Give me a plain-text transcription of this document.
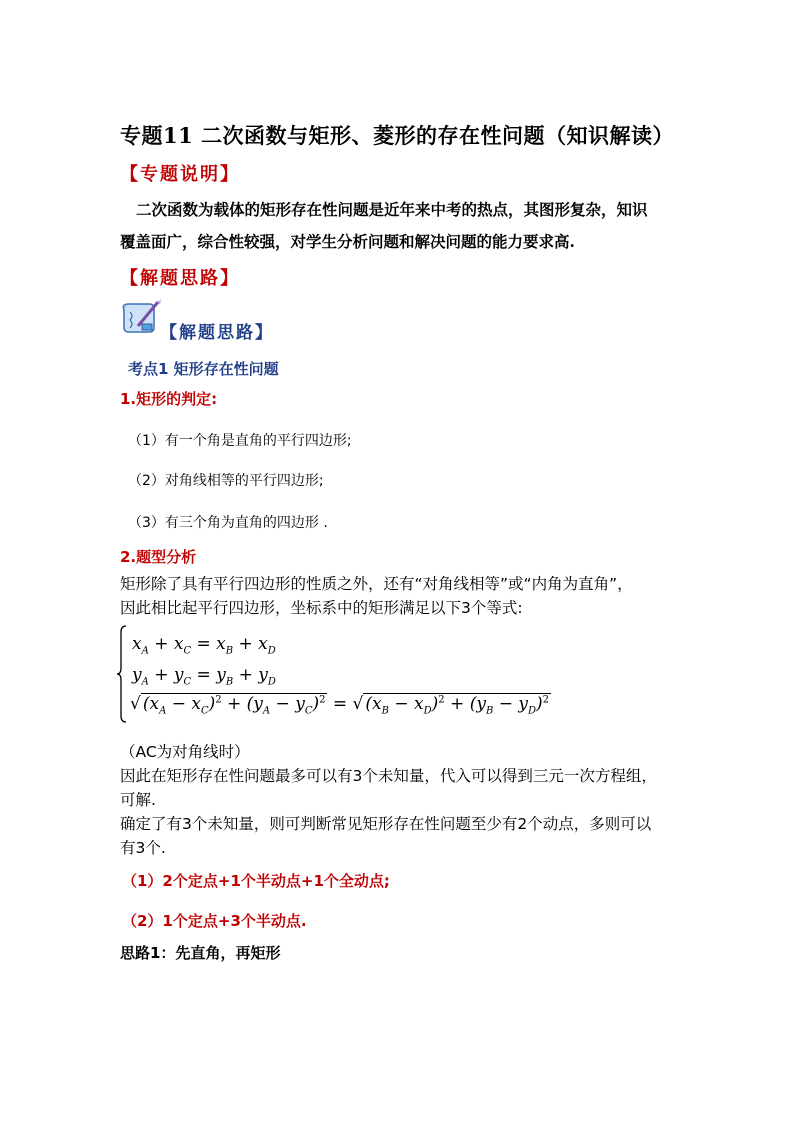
专题11 二次函数与矩形、菱形的存在性问题（知识解读）
【专题说明】
二次函数为载体的矩形存在性问题是近年来中考的热点，其图形复杂，知识
覆盖面广，综合性较强，对学生分析问题和解决问题的能力要求高.
【解题思路】
【解题思路】
考点1 矩形存在性问题
1.矩形的判定:
（1）有一个角是直角的平行四边形;
（2）对角线相等的平行四边形;
（3）有三个角为直角的四边形 .
2.题型分析
矩形除了具有平行四边形的性质之外，还有“对角线相等”或“内角为直角”，
因此相比起平行四边形，坐标系中的矩形满足以下3个等式:
$x_A + x_C = x_B + x_D$
$y_A + y_C = y_B + y_D$
√ $(x_A - x_C)^2 + (y_A - y_C)^2$ = √ $(x_B - x_D)^2 + (y_B - y_D)^2$
（AC为对角线时）
因此在矩形存在性问题最多可以有3个未知量，代入可以得到三元一次方程组，
可解.
确定了有3个未知量，则可判断常见矩形存在性问题至少有2个动点，多则可以
有3个.
（1）2个定点+1个半动点+1个全动点;
（2）1个定点+3个半动点.
思路1：先直角，再矩形
